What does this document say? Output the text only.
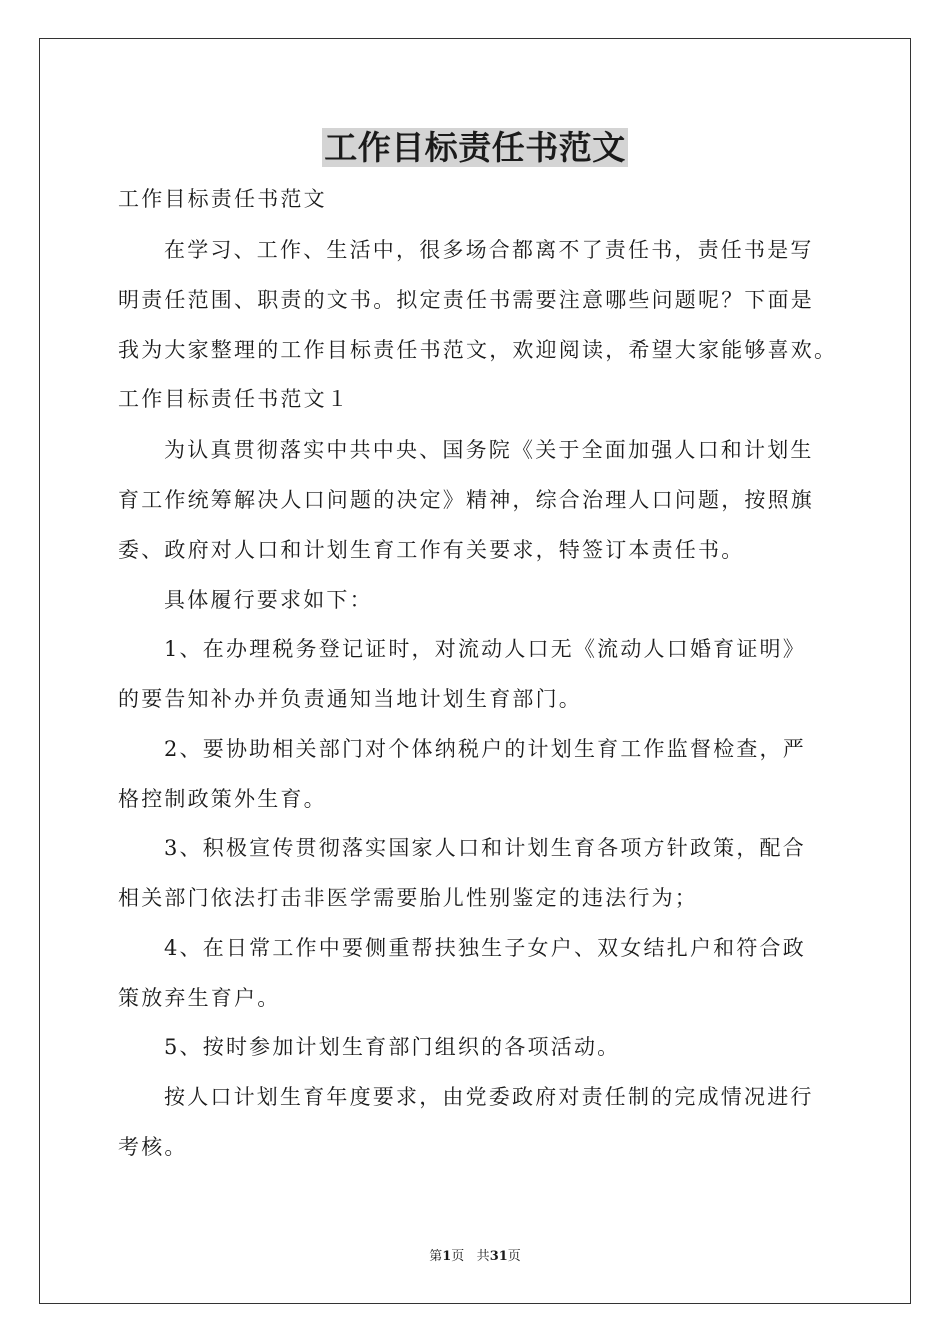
工作目标责任书范文
工作目标责任书范文
在学习、工作、生活中，很多场合都离不了责任书，责任书是写
明责任范围、职责的文书。拟定责任书需要注意哪些问题呢？下面是
我为大家整理的工作目标责任书范文，欢迎阅读，希望大家能够喜欢。
工作目标责任书范文１
为认真贯彻落实中共中央、国务院《关于全面加强人口和计划生
育工作统筹解决人口问题的决定》精神，综合治理人口问题，按照旗
委、政府对人口和计划生育工作有关要求，特签订本责任书。
具体履行要求如下：
1、在办理税务登记证时，对流动人口无《流动人口婚育证明》
的要告知补办并负责通知当地计划生育部门。
2、要协助相关部门对个体纳税户的计划生育工作监督检查，严
格控制政策外生育。
3、积极宣传贯彻落实国家人口和计划生育各项方针政策，配合
相关部门依法打击非医学需要胎儿性别鉴定的违法行为；
4、在日常工作中要侧重帮扶独生子女户、双女结扎户和符合政
策放弃生育户。
5、按时参加计划生育部门组织的各项活动。
按人口计划生育年度要求，由党委政府对责任制的完成情况进行
考核。
第1页 共31页
